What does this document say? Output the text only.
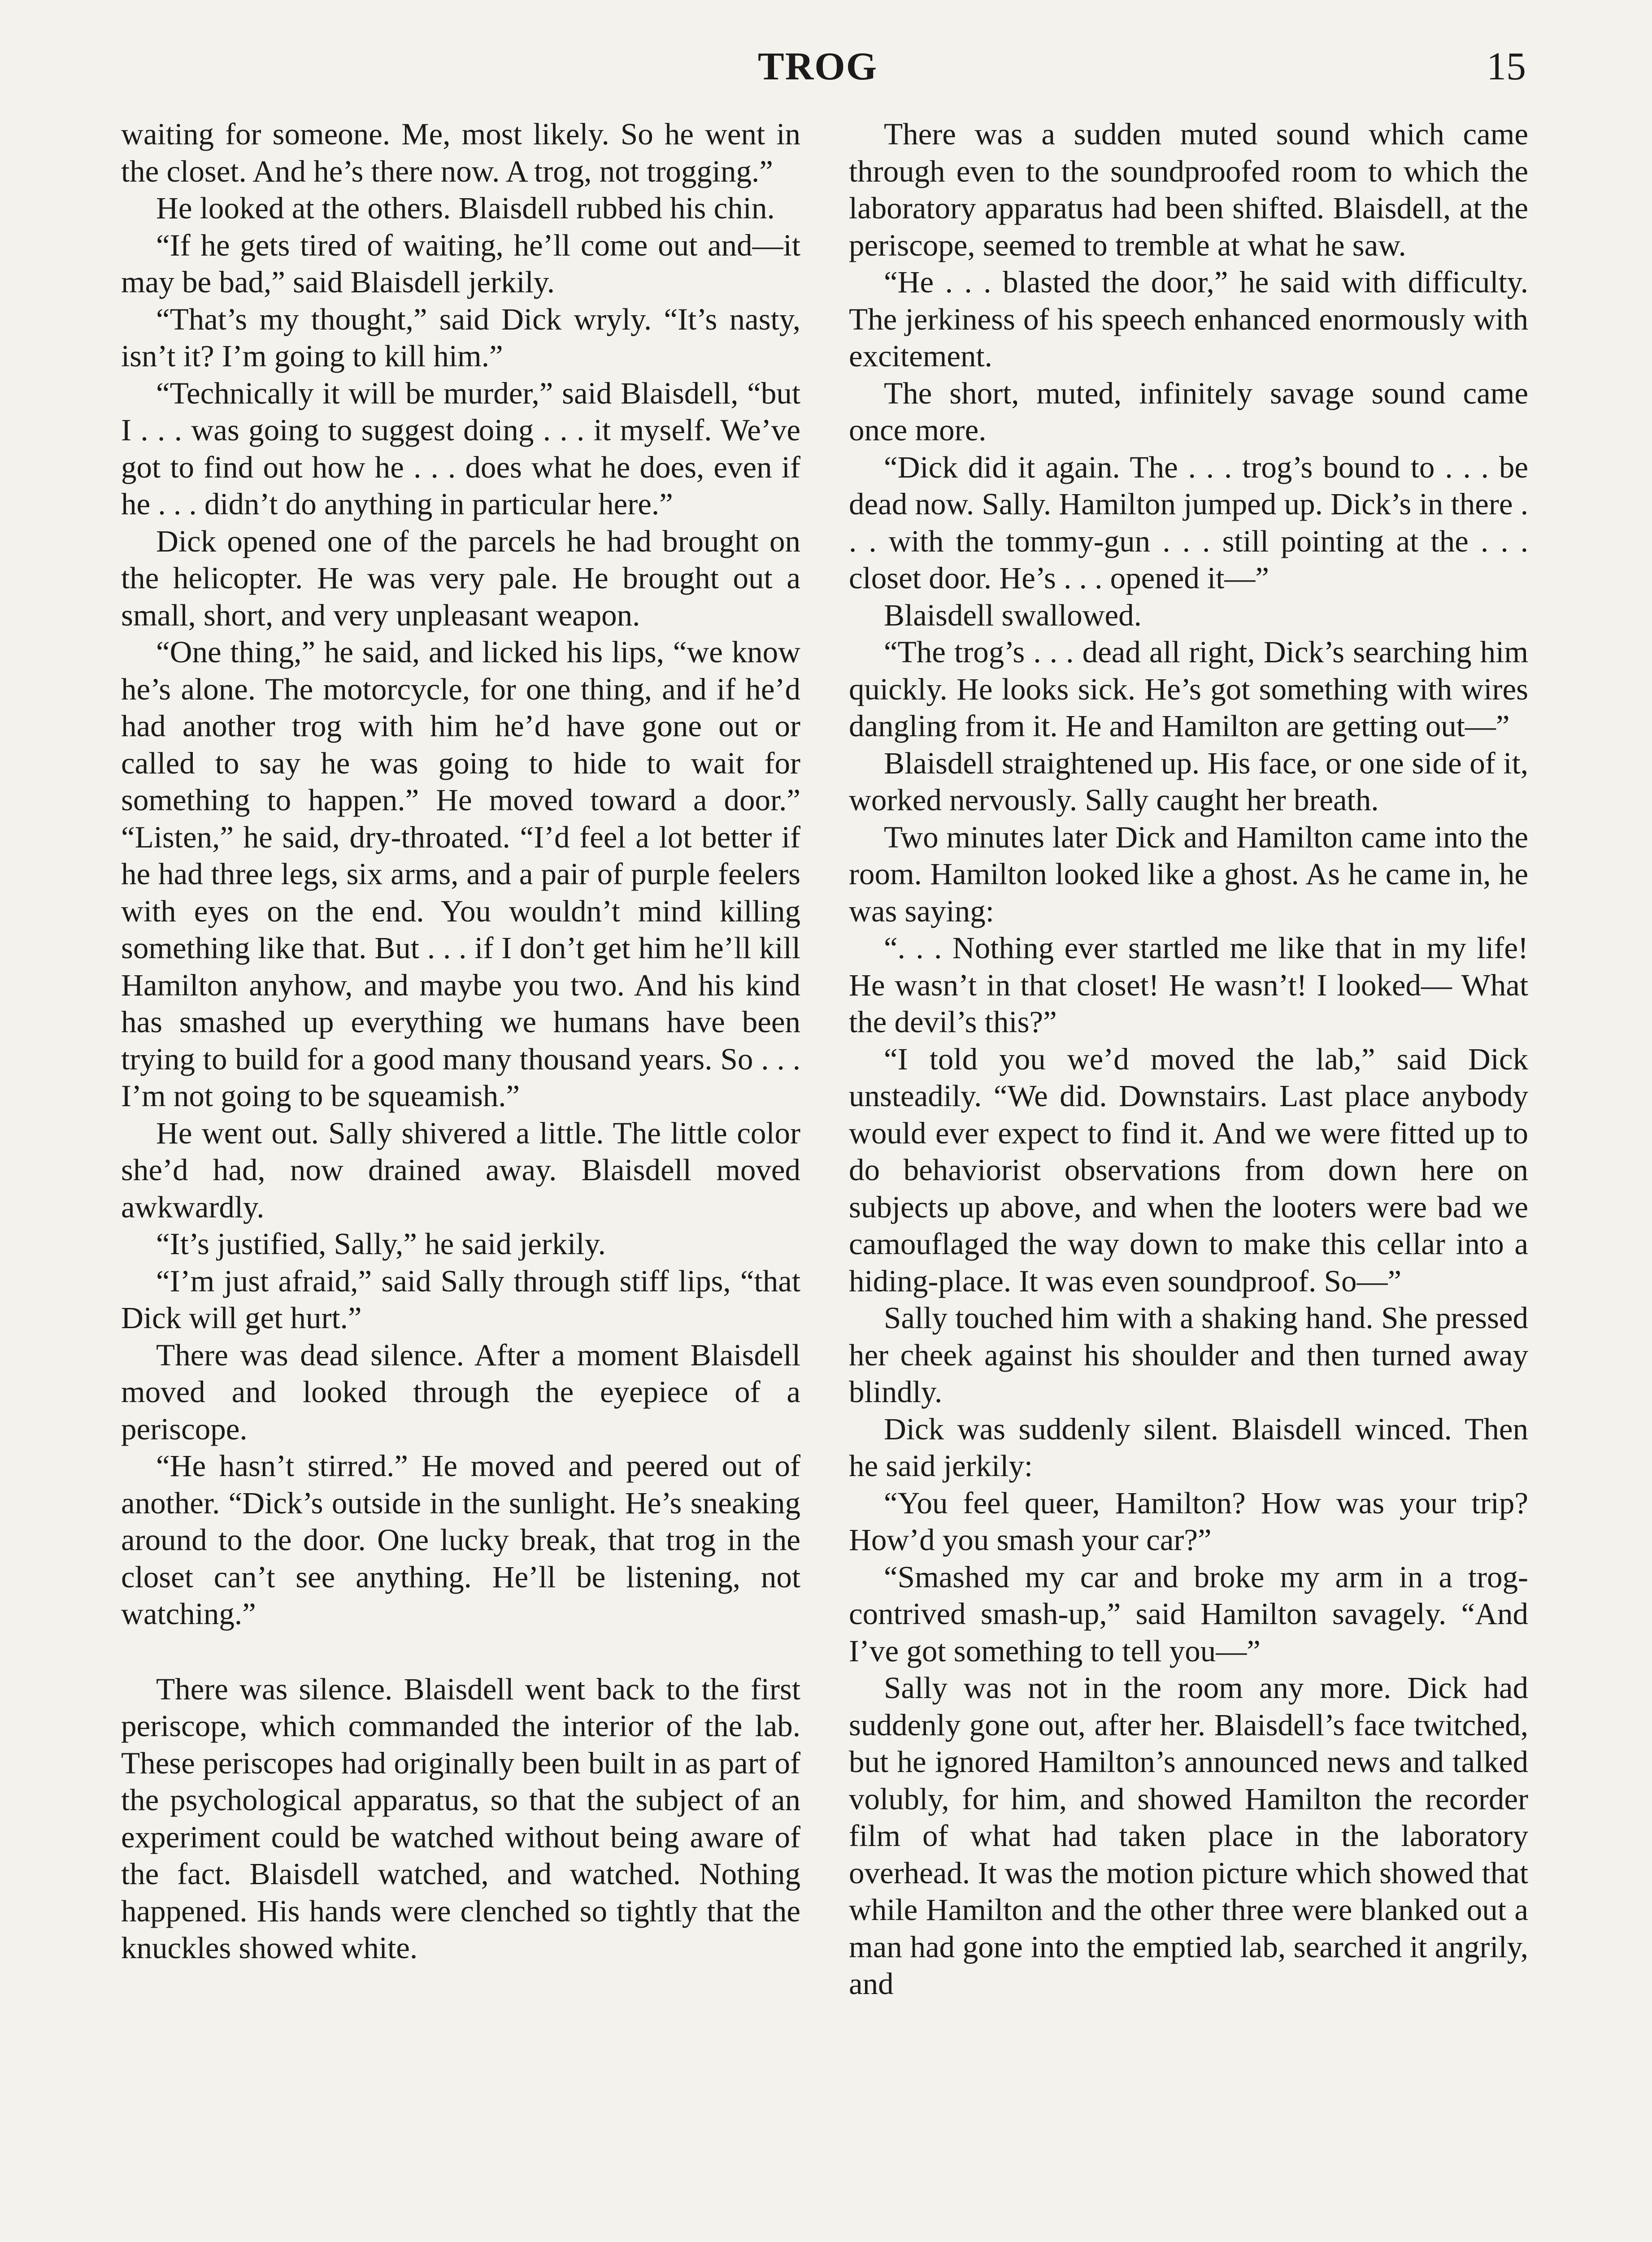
TROG	15

waiting for someone. Me, most likely. So he went in the closet. And he’s there now. A trog, not trogging.”

He looked at the others. Blaisdell rubbed his chin.

“If he gets tired of waiting, he’ll come out and—it may be bad,” said Blaisdell jerkily.

“That’s my thought,” said Dick wryly. “It’s nasty, isn’t it? I’m going to kill him.”

“Technically it will be murder,” said Blaisdell, “but I . . . was going to suggest doing . . . it myself. We’ve got to find out how he . . . does what he does, even if he . . . didn’t do anything in particular here.”

Dick opened one of the parcels he had brought on the helicopter. He was very pale. He brought out a small, short, and very unpleasant weapon.

“One thing,” he said, and licked his lips, “we know he’s alone. The motorcycle, for one thing, and if he’d had another trog with him he’d have gone out or called to say he was going to hide to wait for something to happen.” He moved toward a door.” “Listen,” he said, dry-throated. “I’d feel a lot better if he had three legs, six arms, and a pair of purple feelers with eyes on the end. You wouldn’t mind killing something like that. But . . . if I don’t get him he’ll kill Hamilton anyhow, and maybe you two. And his kind has smashed up everything we humans have been trying to build for a good many thousand years. So . . . I’m not going to be squeamish.”

He went out. Sally shivered a little. The little color she’d had, now drained away. Blaisdell moved awkwardly.

“It’s justified, Sally,” he said jerkily.

“I’m just afraid,” said Sally through stiff lips, “that Dick will get hurt.”

There was dead silence. After a moment Blaisdell moved and looked through the eyepiece of a periscope.

“He hasn’t stirred.” He moved and peered out of another. “Dick’s outside in the sunlight. He’s sneaking around to the door. One lucky break, that trog in the closet can’t see anything. He’ll be listening, not watching.”

There was silence. Blaisdell went back to the first periscope, which commanded the interior of the lab. These periscopes had originally been built in as part of the psychological apparatus, so that the subject of an experiment could be watched without being aware of the fact. Blaisdell watched, and watched. Nothing happened. His hands were clenched so tightly that the knuckles showed white.

There was a sudden muted sound which came through even to the soundproofed room to which the laboratory apparatus had been shifted. Blaisdell, at the periscope, seemed to tremble at what he saw.

“He . . . blasted the door,” he said with difficulty. The jerkiness of his speech enhanced enormously with excitement.

The short, muted, infinitely savage sound came once more.

“Dick did it again. The . . . trog’s bound to . . . be dead now. Sally. Hamilton jumped up. Dick’s in there . . . with the tommy-gun . . . still pointing at the . . . closet door. He’s . . . opened it—”

Blaisdell swallowed.

“The trog’s . . . dead all right, Dick’s searching him quickly. He looks sick. He’s got something with wires dangling from it. He and Hamilton are getting out—”

Blaisdell straightened up. His face, or one side of it, worked nervously. Sally caught her breath.

Two minutes later Dick and Hamilton came into the room. Hamilton looked like a ghost. As he came in, he was saying:

“. . . Nothing ever startled me like that in my life! He wasn’t in that closet! He wasn’t! I looked— What the devil’s this?”

“I told you we’d moved the lab,” said Dick unsteadily. “We did. Downstairs. Last place anybody would ever expect to find it. And we were fitted up to do behaviorist observations from down here on subjects up above, and when the looters were bad we camouflaged the way down to make this cellar into a hiding-place. It was even soundproof. So—”

Sally touched him with a shaking hand. She pressed her cheek against his shoulder and then turned away blindly.

Dick was suddenly silent. Blaisdell winced. Then he said jerkily:

“You feel queer, Hamilton? How was your trip? How’d you smash your car?”

“Smashed my car and broke my arm in a trog-contrived smash-up,” said Hamilton savagely. “And I’ve got something to tell you—”

Sally was not in the room any more. Dick had suddenly gone out, after her. Blaisdell’s face twitched, but he ignored Hamilton’s announced news and talked volubly, for him, and showed Hamilton the recorder film of what had taken place in the laboratory overhead. It was the motion picture which showed that while Hamilton and the other three were blanked out a man had gone into the emptied lab, searched it angrily, and
